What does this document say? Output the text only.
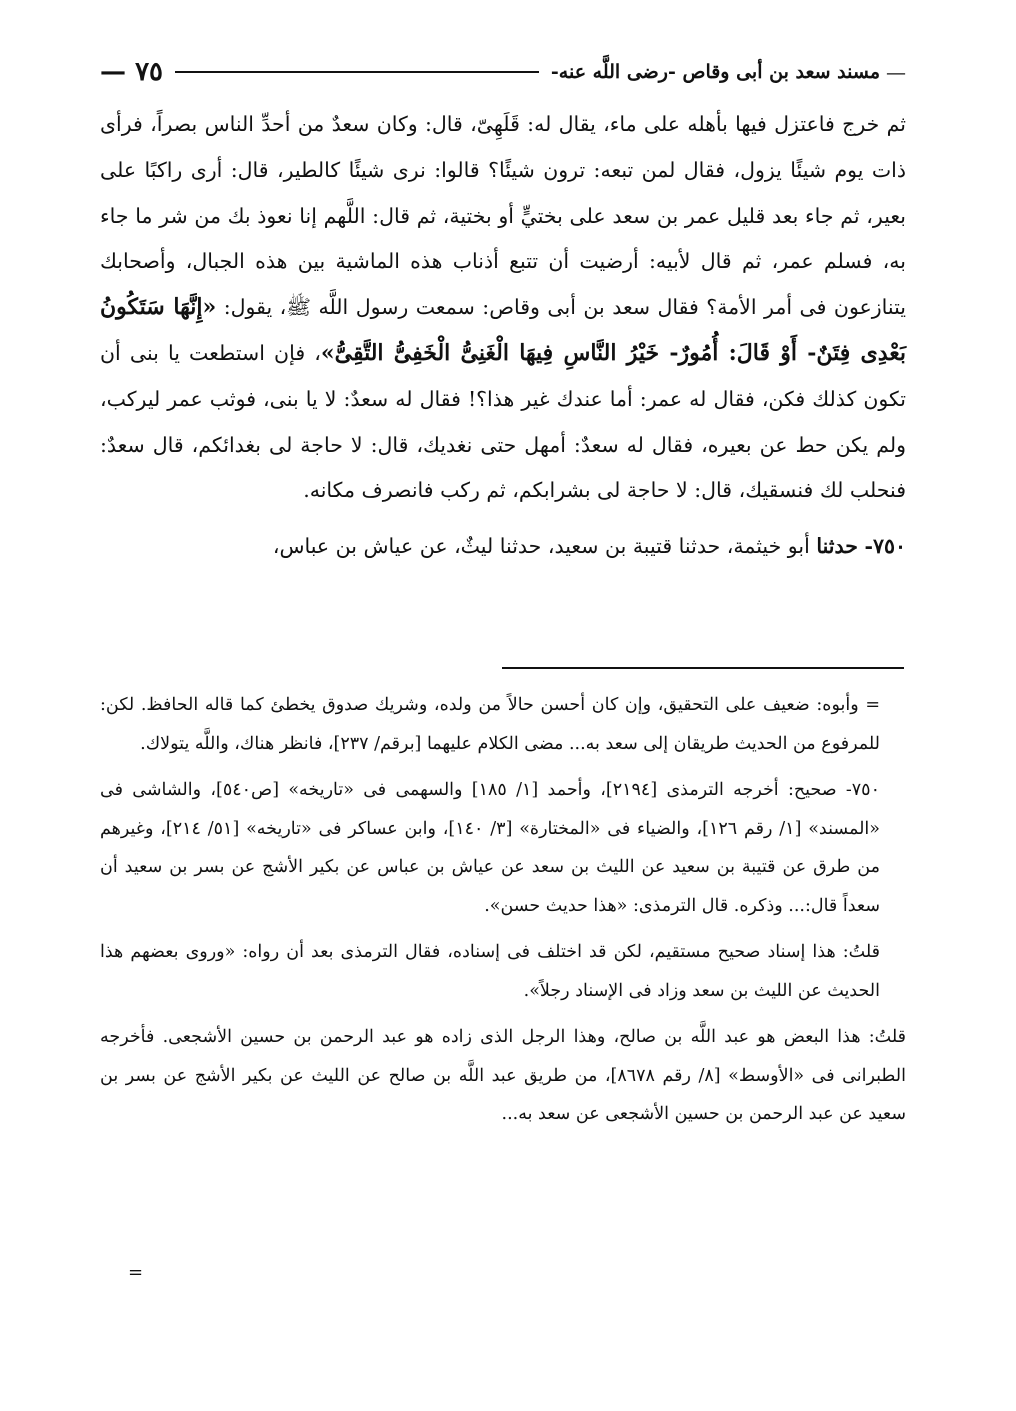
—
مسند سعد بن أبى وقاص -رضى اللَّه عنه-
— ٧٥

ثم خرج فاعتزل فيها بأهله على ماء، يقال له: قَلَهِىّ، قال: وكان سعدٌ من أحدِّ الناس بصراً، فرأى ذات يوم شيئًا يزول، فقال لمن تبعه: ترون شيئًا؟ قالوا: نرى شيئًا كالطير، قال: أرى راكبًا على بعير، ثم جاء بعد قليل عمر بن سعد على بختيٍّ أو بختية، ثم قال: اللَّهم إنا نعوذ بك من شر ما جاء به، فسلم عمر، ثم قال لأبيه: أرضيت أن تتبع أذناب هذه الماشية بين هذه الجبال، وأصحابك يتنازعون فى أمر الأمة؟ فقال سعد بن أبى وقاص: سمعت رسول اللَّه ﷺ، يقول: «إِنَّهَا سَتَكُونُ بَعْدِى فِتَنٌ- أَوْ قَالَ: أُمُورٌ- خَيْرُ النَّاسِ فِيهَا الْغَنِىُّ الْخَفِىُّ التَّقِىُّ»، فإن استطعت يا بنى أن تكون كذلك فكن، فقال له عمر: أما عندك غير هذا؟! فقال له سعدٌ: لا يا بنى، فوثب عمر ليركب، ولم يكن حط عن بعيره، فقال له سعدٌ: أمهل حتى نغديك، قال: لا حاجة لى بغدائكم، قال سعدٌ: فنحلب لك فنسقيك، قال: لا حاجة لى بشرابكم، ثم ركب فانصرف مكانه.

٧٥٠- حدثنا أبو خيثمة، حدثنا قتيبة بن سعيد، حدثنا ليثٌ، عن عياش بن عباس،

= وأبوه: ضعيف على التحقيق، وإن كان أحسن حالاً من ولده، وشريك صدوق يخطئ كما قاله الحافظ. لكن: للمرفوع من الحديث طريقان إلى سعد به... مضى الكلام عليهما [برقم/ ٢٣٧]، فانظر هناك، واللَّه يتولاك.

٧٥٠- صحيح: أخرجه الترمذى [٢١٩٤]، وأحمد [١/ ١٨٥] والسهمى فى «تاريخه» [ص٥٤٠]، والشاشى فى «المسند» [١/ رقم ١٢٦]، والضياء فى «المختارة» [٣/ ١٤٠]، وابن عساكر فى «تاريخه» [٥١/ ٢١٤]، وغيرهم من طرق عن قتيبة بن سعيد عن الليث بن سعد عن عياش بن عباس عن بكير الأشج عن بسر بن سعيد أن سعداً قال:... وذكره. قال الترمذى: «هذا حديث حسن».

قلتُ: هذا إسناد صحيح مستقيم، لكن قد اختلف فى إسناده، فقال الترمذى بعد أن رواه: «وروى بعضهم هذا الحديث عن الليث بن سعد وزاد فى الإسناد رجلاً».

قلتُ: هذا البعض هو عبد اللَّه بن صالح، وهذا الرجل الذى زاده هو عبد الرحمن بن حسين الأشجعى. فأخرجه الطبرانى فى «الأوسط» [٨/ رقم ٨٦٧٨]، من طريق عبد اللَّه بن صالح عن الليث عن بكير الأشج عن بسر بن سعيد عن عبد الرحمن بن حسين الأشجعى عن سعد به...

=
